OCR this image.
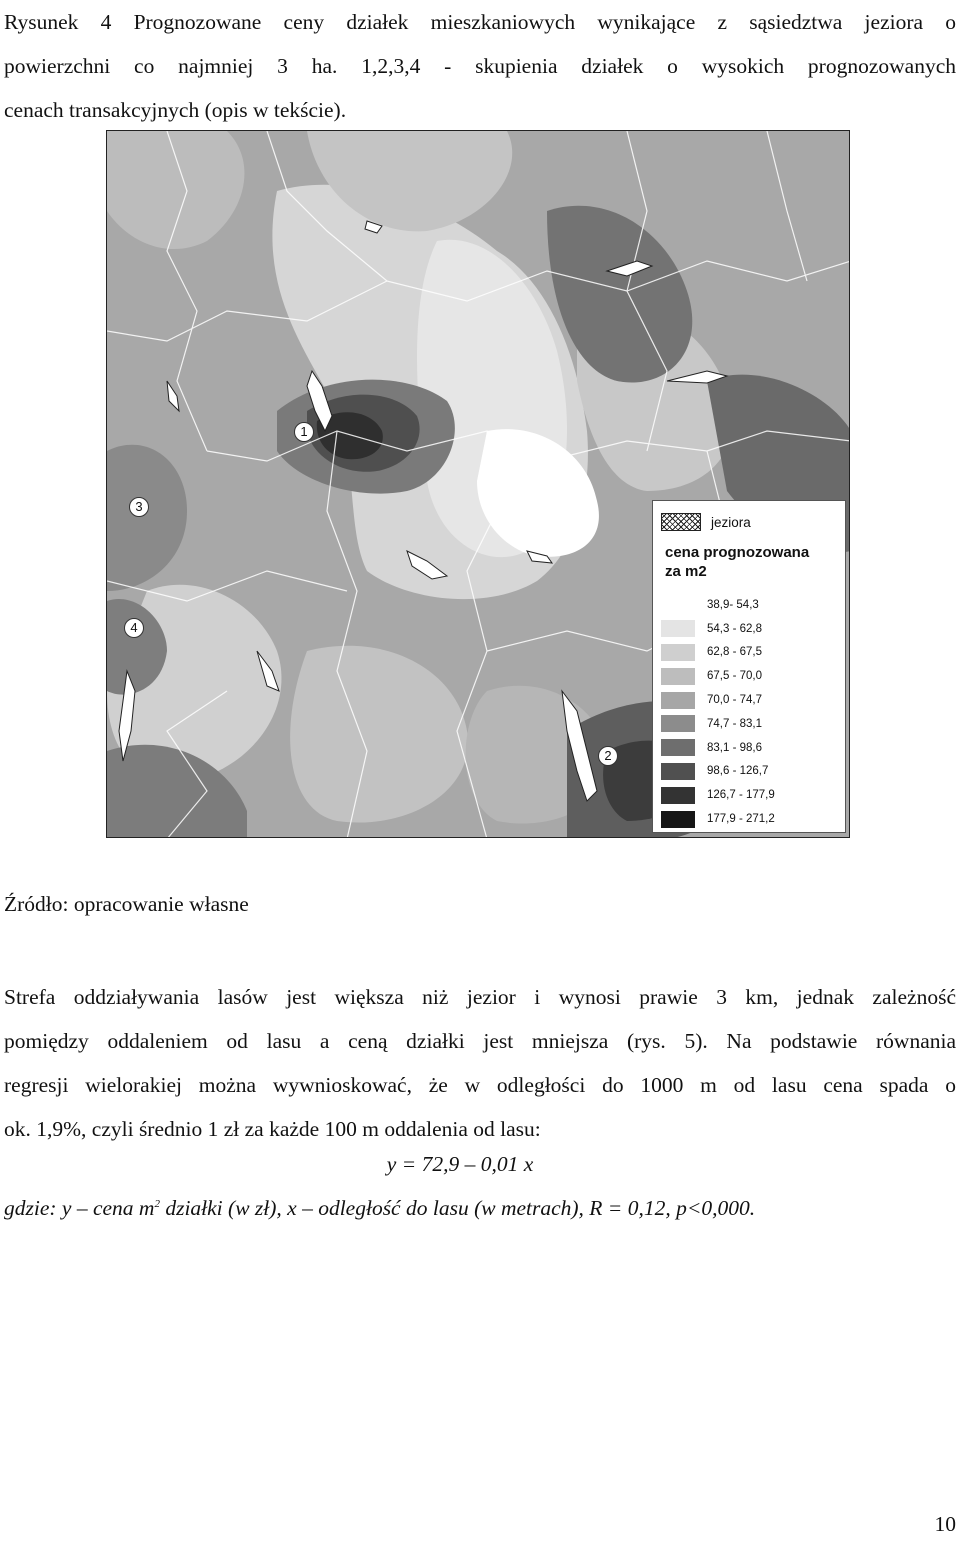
Rysunek 4 Prognozowane ceny działek mieszkaniowych wynikające z sąsiedztwa jeziora o
powierzchni co najmniej 3 ha. 1,2,3,4 - skupienia działek o wysokich prognozowanych
cenach transakcyjnych (opis w tekście).
1
2
3
4
jeziora
cena prognozowana
za m2
38,9- 54,3
54,3 - 62,8
62,8 - 67,5
67,5 - 70,0
70,0 - 74,7
74,7 - 83,1
83,1 - 98,6
98,6 - 126,7
126,7 - 177,9
177,9 - 271,2
Źródło: opracowanie własne
Strefa oddziaływania lasów jest większa niż jezior i wynosi prawie 3 km, jednak zależność
pomiędzy oddaleniem od lasu a ceną działki jest mniejsza (rys. 5). Na podstawie równania
regresji wielorakiej można wywnioskować, że w odległości do 1000 m od lasu cena spada o
ok. 1,9%, czyli średnio 1 zł za każde 100 m oddalenia od lasu:
y = 72,9 – 0,01 x
gdzie: y – cena $m^2$ działki (w zł), x – odległość do lasu (w metrach), R = 0,12, p<0,000.
10
